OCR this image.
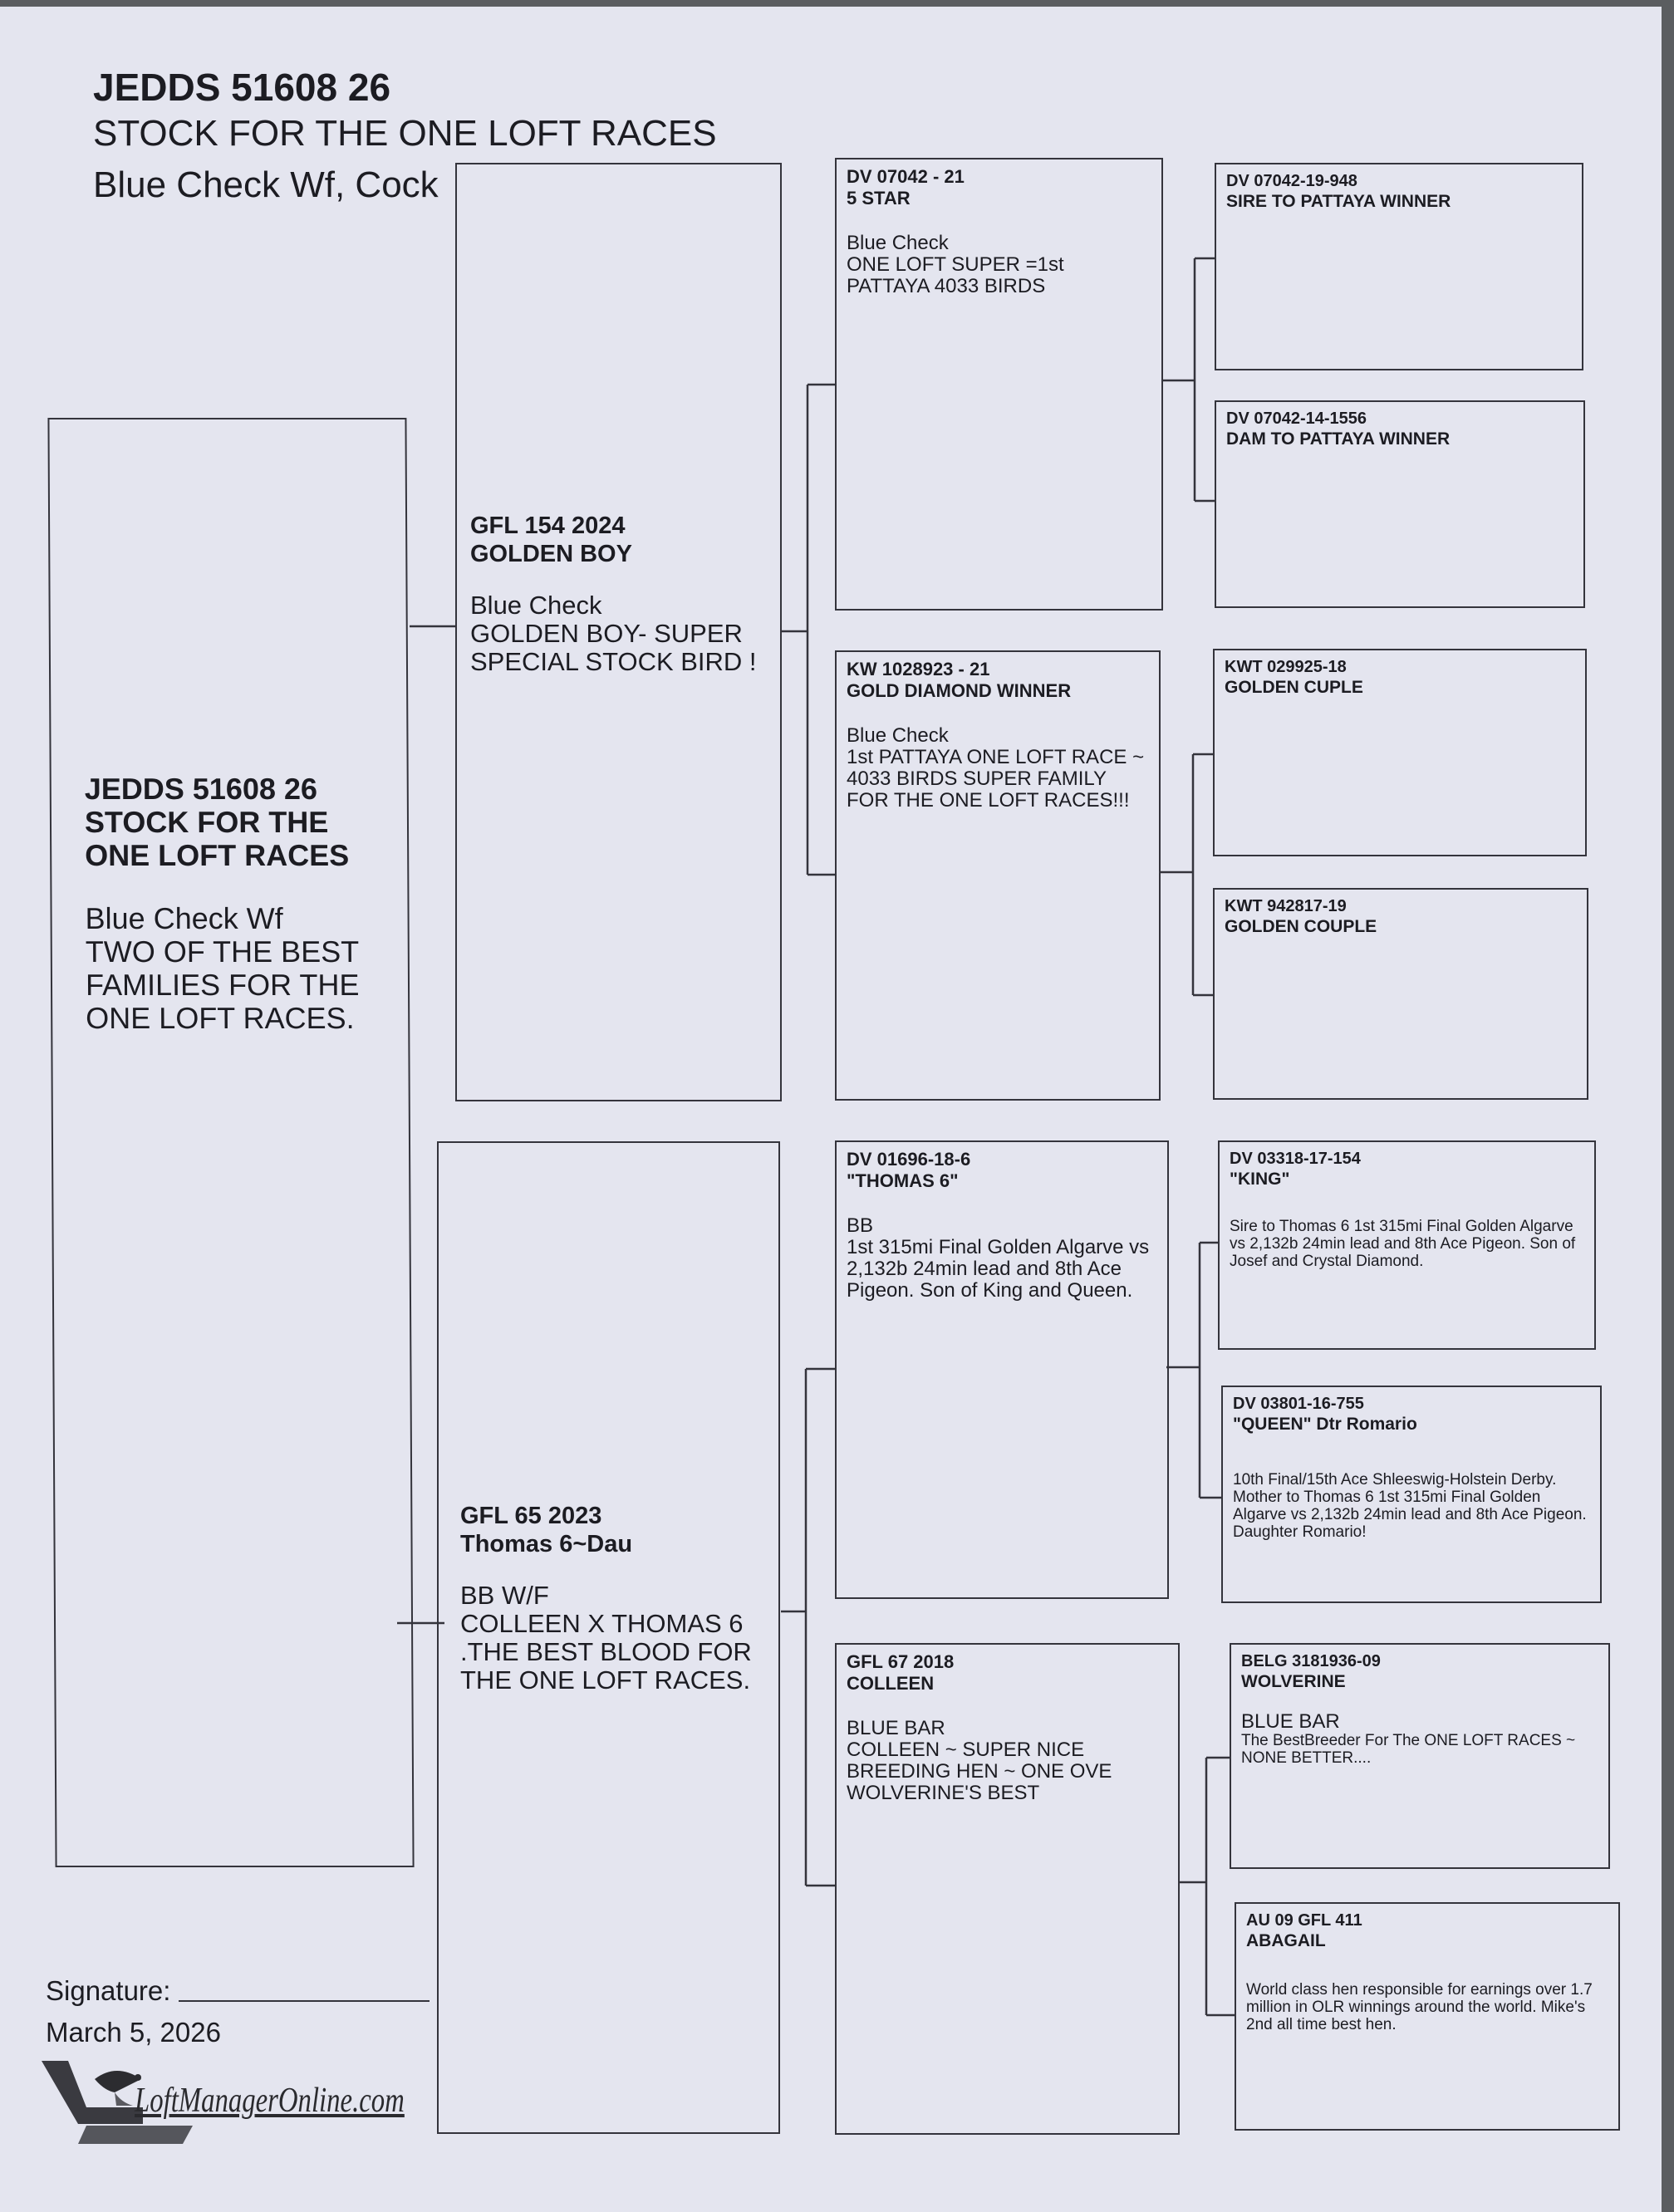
JEDDS 51608 26
STOCK FOR THE ONE LOFT RACES
Blue Check Wf, Cock
JEDDS 51608 26
STOCK FOR THE ONE LOFT RACES
Blue Check Wf
TWO OF THE BEST FAMILIES FOR THE ONE LOFT RACES.
GFL 154 2024
GOLDEN BOY
Blue Check
GOLDEN BOY- SUPER SPECIAL STOCK BIRD !
GFL 65 2023
Thomas 6~Dau
BB W/F
COLLEEN X THOMAS 6 .THE BEST BLOOD FOR THE ONE LOFT RACES.
DV 07042 - 21
5 STAR
Blue Check
ONE LOFT SUPER =1st PATTAYA 4033 BIRDS
KW 1028923 - 21
GOLD DIAMOND WINNER
Blue Check
1st PATTAYA ONE LOFT RACE ~ 4033 BIRDS SUPER FAMILY FOR THE ONE LOFT RACES!!!
DV 01696-18-6
"THOMAS 6"
BB
1st 315mi Final Golden Algarve vs 2,132b 24min lead and 8th Ace Pigeon. Son of King and Queen.
GFL 67 2018
COLLEEN
BLUE BAR
COLLEEN ~ SUPER NICE BREEDING HEN ~ ONE OVE WOLVERINE'S BEST
DV 07042-19-948
SIRE TO PATTAYA WINNER
DV 07042-14-1556
DAM TO PATTAYA WINNER
KWT 029925-18
GOLDEN CUPLE
KWT 942817-19
GOLDEN COUPLE
DV 03318-17-154
"KING"
Sire to Thomas 6 1st 315mi Final Golden Algarve vs 2,132b 24min lead and 8th Ace Pigeon. Son of Josef and Crystal Diamond.
DV 03801-16-755
"QUEEN" Dtr Romario
10th Final/15th Ace Shleeswig-Holstein Derby. Mother to Thomas 6 1st 315mi Final Golden Algarve vs 2,132b 24min lead and 8th Ace Pigeon. Daughter Romario!
BELG 3181936-09
WOLVERINE
BLUE BAR
The BestBreeder For The ONE LOFT RACES ~ NONE BETTER....
AU 09 GFL 411
ABAGAIL
World class hen responsible for earnings over 1.7 million in OLR winnings around the world. Mike's 2nd all time best hen.
Signature:
March 5, 2026
LoftManagerOnline.com
